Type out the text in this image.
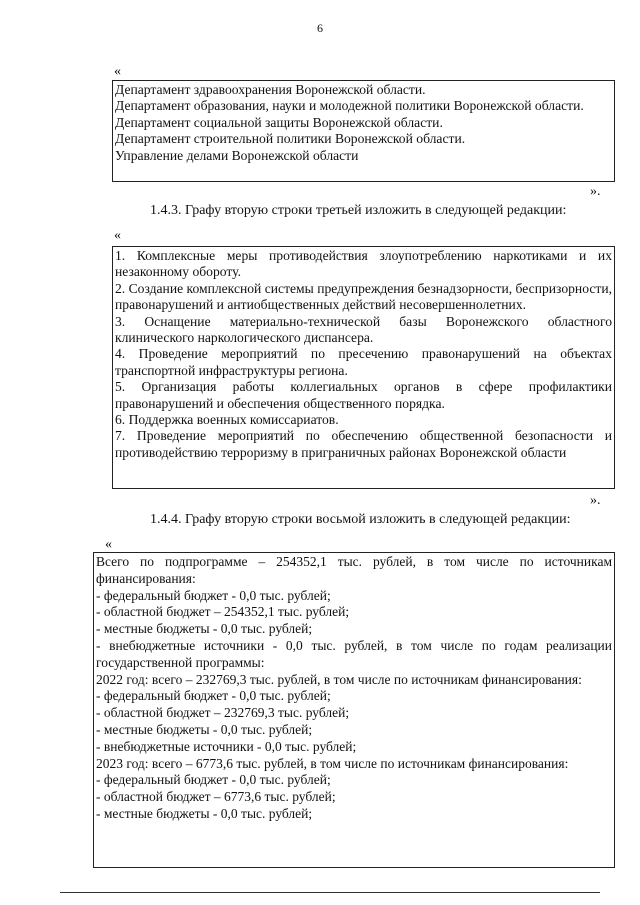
6
«

Департамент здравоохранения Воронежской области.

Департамент образования, науки и молодежной политики Воронежской области.

Департамент социальной защиты Воронежской области.

Департамент строительной политики Воронежской области.

Управление делами Воронежской области

».
1.4.3. Графу вторую строки третьей изложить в следующей редакции:
«

1. Комплексные меры противодействия злоупотреблению наркотиками и их незаконному обороту.

2. Создание комплексной системы предупреждения безнадзорности, беспризорности, правонарушений и антиобщественных действий несовершеннолетних.

3. Оснащение материально-технической базы Воронежского областного клинического наркологического диспансера.

4. Проведение мероприятий по пресечению правонарушений на объектах транспортной инфраструктуры региона.

5. Организация работы коллегиальных органов в сфере профилактики правонарушений и обеспечения общественного порядка.

6. Поддержка военных комиссариатов.

7. Проведение мероприятий по обеспечению общественной безопасности и противодействию терроризму в приграничных районах Воронежской области

».
1.4.4. Графу вторую строки восьмой изложить в следующей редакции:
«

Всего по подпрограмме – 254352,1 тыс. рублей, в том числе по источникам финансирования:

- федеральный бюджет - 0,0 тыс. рублей;

- областной бюджет – 254352,1 тыс. рублей;

- местные бюджеты - 0,0 тыс. рублей;

- внебюджетные источники - 0,0 тыс. рублей, в том числе по годам реализации государственной программы:

2022 год: всего – 232769,3 тыс. рублей, в том числе по источникам финансирования:

- федеральный бюджет - 0,0 тыс. рублей;

- областной бюджет – 232769,3 тыс. рублей;

- местные бюджеты - 0,0 тыс. рублей;

- внебюджетные источники - 0,0 тыс. рублей;

2023 год: всего – 6773,6 тыс. рублей, в том числе по источникам финансирования:

- федеральный бюджет - 0,0 тыс. рублей;

- областной бюджет – 6773,6 тыс. рублей;

- местные бюджеты - 0,0 тыс. рублей;
